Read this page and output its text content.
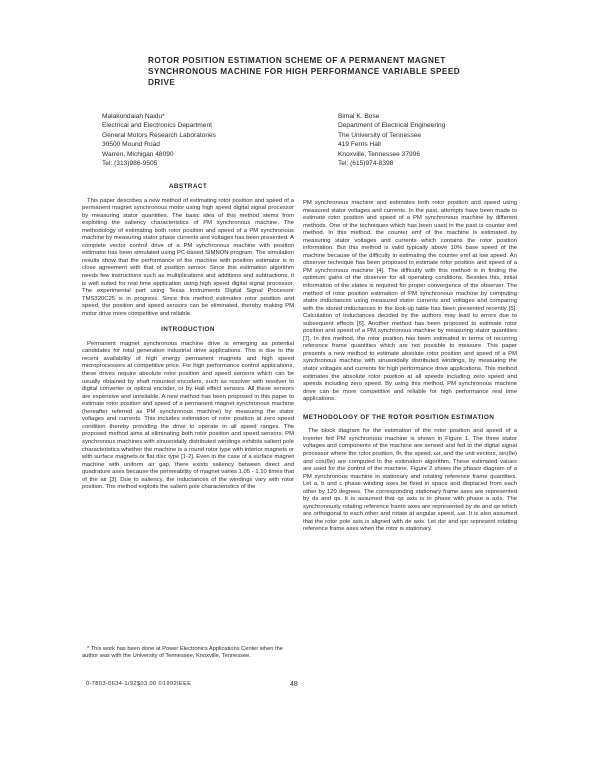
ROTOR POSITION ESTIMATION SCHEME OF A PERMANENT MAGNET SYNCHRONOUS MACHINE FOR HIGH PERFORMANCE VARIABLE SPEED DRIVE
Malakondaiah Naidu*
Electrical and Electronics Department
General Motors Research Laboratories
30500 Mound Road
Warren, Michigan 48090
Tel: (313)986-9505
Bimal K. Bose
Department of Electrical Engineering
The University of Tennessee
419 Ferris Hall
Knoxville, Tennessee 37996
Tel: (615)974-8398

ABSTRACT

This paper describes a new method of estimating rotor position and speed of a permanent magnet synchronous motor using high speed digital signal processor by measuring stator quantities. The basic idea of this method stems from exploiting the saliency characteristics of PM synchronous machine. The methodology of estimating both rotor position and speed of a PM synchronous machine by measuring stator phase currents and voltages has been presented. A complete vector control drive of a PM synchronous machine with position estimator has been simulated using PC-based SIMNON program. The simulation results show that the performance of the machine with position estimator is in close agreement with that of position sensor. Since this estimation algorithm needs few instructions such as multiplications and additions and subtractions, it is well suited for real time application using high speed digital signal processor. The experimental part using Texas Instruments Digital Signal Processor TMS320C25 is in progress. Since this method estimates rotor position and speed, the position and speed sensors can be eliminated, thereby making PM motor drive more competitive and reliable.

INTRODUCTION

Permanent magnet synchronous machine drive is emerging as potential candidates for total generation industrial drive applications. This is due to the recent availability of high energy permanent magnets and high speed microprocessors at competitive price. For high performance control applications, these drives require absolute rotor position and speed sensors which can be usually obtained by shaft mounted encoders, such as resolver with resolver to digital converter or optical encoder, or by Hall effect sensors. All these sensors are expensive and unreliable. A new method has been proposed in this paper to estimate rotor position and speed of a permanent magnet synchronous machine (hereafter referred as PM synchronous machine) by measuring the stator voltages and currents. This includes estimation of rotor position at zero speed condition thereby providing the drive to operate in all speed ranges. The proposed method aims at eliminating both rotor position and speed sensors. PM synchronous machines with sinusoidally distributed windings exhibits salient pole characteristics whether the machine is a round rotor type with interior magnets or with surface magnets or flat disc type [1-2]. Even in the case of a surface magnet machine with uniform air gap, there exists saliency between direct and quadrature axes because the permeability of magnet varies 1.05 - 1.10 times that of the air [3]. Due to saliency, the inductances of the windings vary with rotor position. The method exploits the salient pole characteristics of the

PM synchronous machine and estimates both rotor position and speed using measured stator voltages and currents. In the past, attempts have been made to estimate rotor position and speed of a PM synchronous machine by different methods. One of the techniques which has been used in the past is counter emf method. In this method, the counter emf of the machine is estimated by measuring stator voltages and currents which contains the rotor position information. But this method is valid typically above 10% base speed of the machine because of the difficulty in estimating the counter emf at low speed. An observer technique has been proposed to estimate rotor position and speed of a PM synchronous machine [4]. The difficulty with this method is in finding the optimum gains of the observer for all operating conditions. Besides this, initial information of the states is required for proper convergence of the observer. The method of rotor position estimation of PM synchronous machine by computing stator inductances using measured stator currents and voltages and comparing with the stored inductances in the look-up table has been presented recently [5]. Calculation of inductances decided by the authors may lead to errors due to subsequent effects [6]. Another method has been proposed to estimate rotor position and speed of a PM synchronous machine by measuring stator quantities [7]. In this method, the rotor position has been estimated in terms of recurring reference frame quantities which are not possible to measure. This paper presents a new method to estimate absolute rotor position and speed of a PM synchronous machine with sinusoidally distributed windings, by measuring the stator voltages and currents for high performance drive applications. This method estimates the absolute rotor position at all speeds including zero speed and speeds including zero speed. By using this method, PM synchronous machine drive can be more competitive and reliable for high performance real time applications.

METHODOLOGY OF THE ROTOR POSITION ESTIMATION

The block diagram for the estimation of the rotor position and speed of a inverter fed PM synchronous machine is shown in Figure 1. The three stator voltages and components of the machine are sensed and fed to the digital signal processor where the rotor position, θr, the speed, ωr, and the unit vectors, sin(θe) and cos(θe) are computed in the estimation algorithm. These estimated values are used for the control of the machine. Figure 2 shows the phasor diagram of a PM synchronous machine in stationary and rotating reference frame quantities. Let a, b and c phase winding axes be fixed in space and displaced from each other by 120 degrees. The corresponding stationary frame axes are represented by ds and qs. It is assumed that qs axis is in phase with phase a axis. The synchronously rotating reference frame axes are represented by de and qe which are orthogonal to each other and rotate at angular speed, ωe. It is also assumed that the rotor pole axis is aligned with de axis. Let dsr and qsr represent rotating reference frame axes when the rotor is stationary.

* This work has been done at Power Electronics Applications Center when the author was with the University of Tennessee, Knoxville, Tennessee.

0-7803-0634-1/92$03.00 ©1992IEEE	48
